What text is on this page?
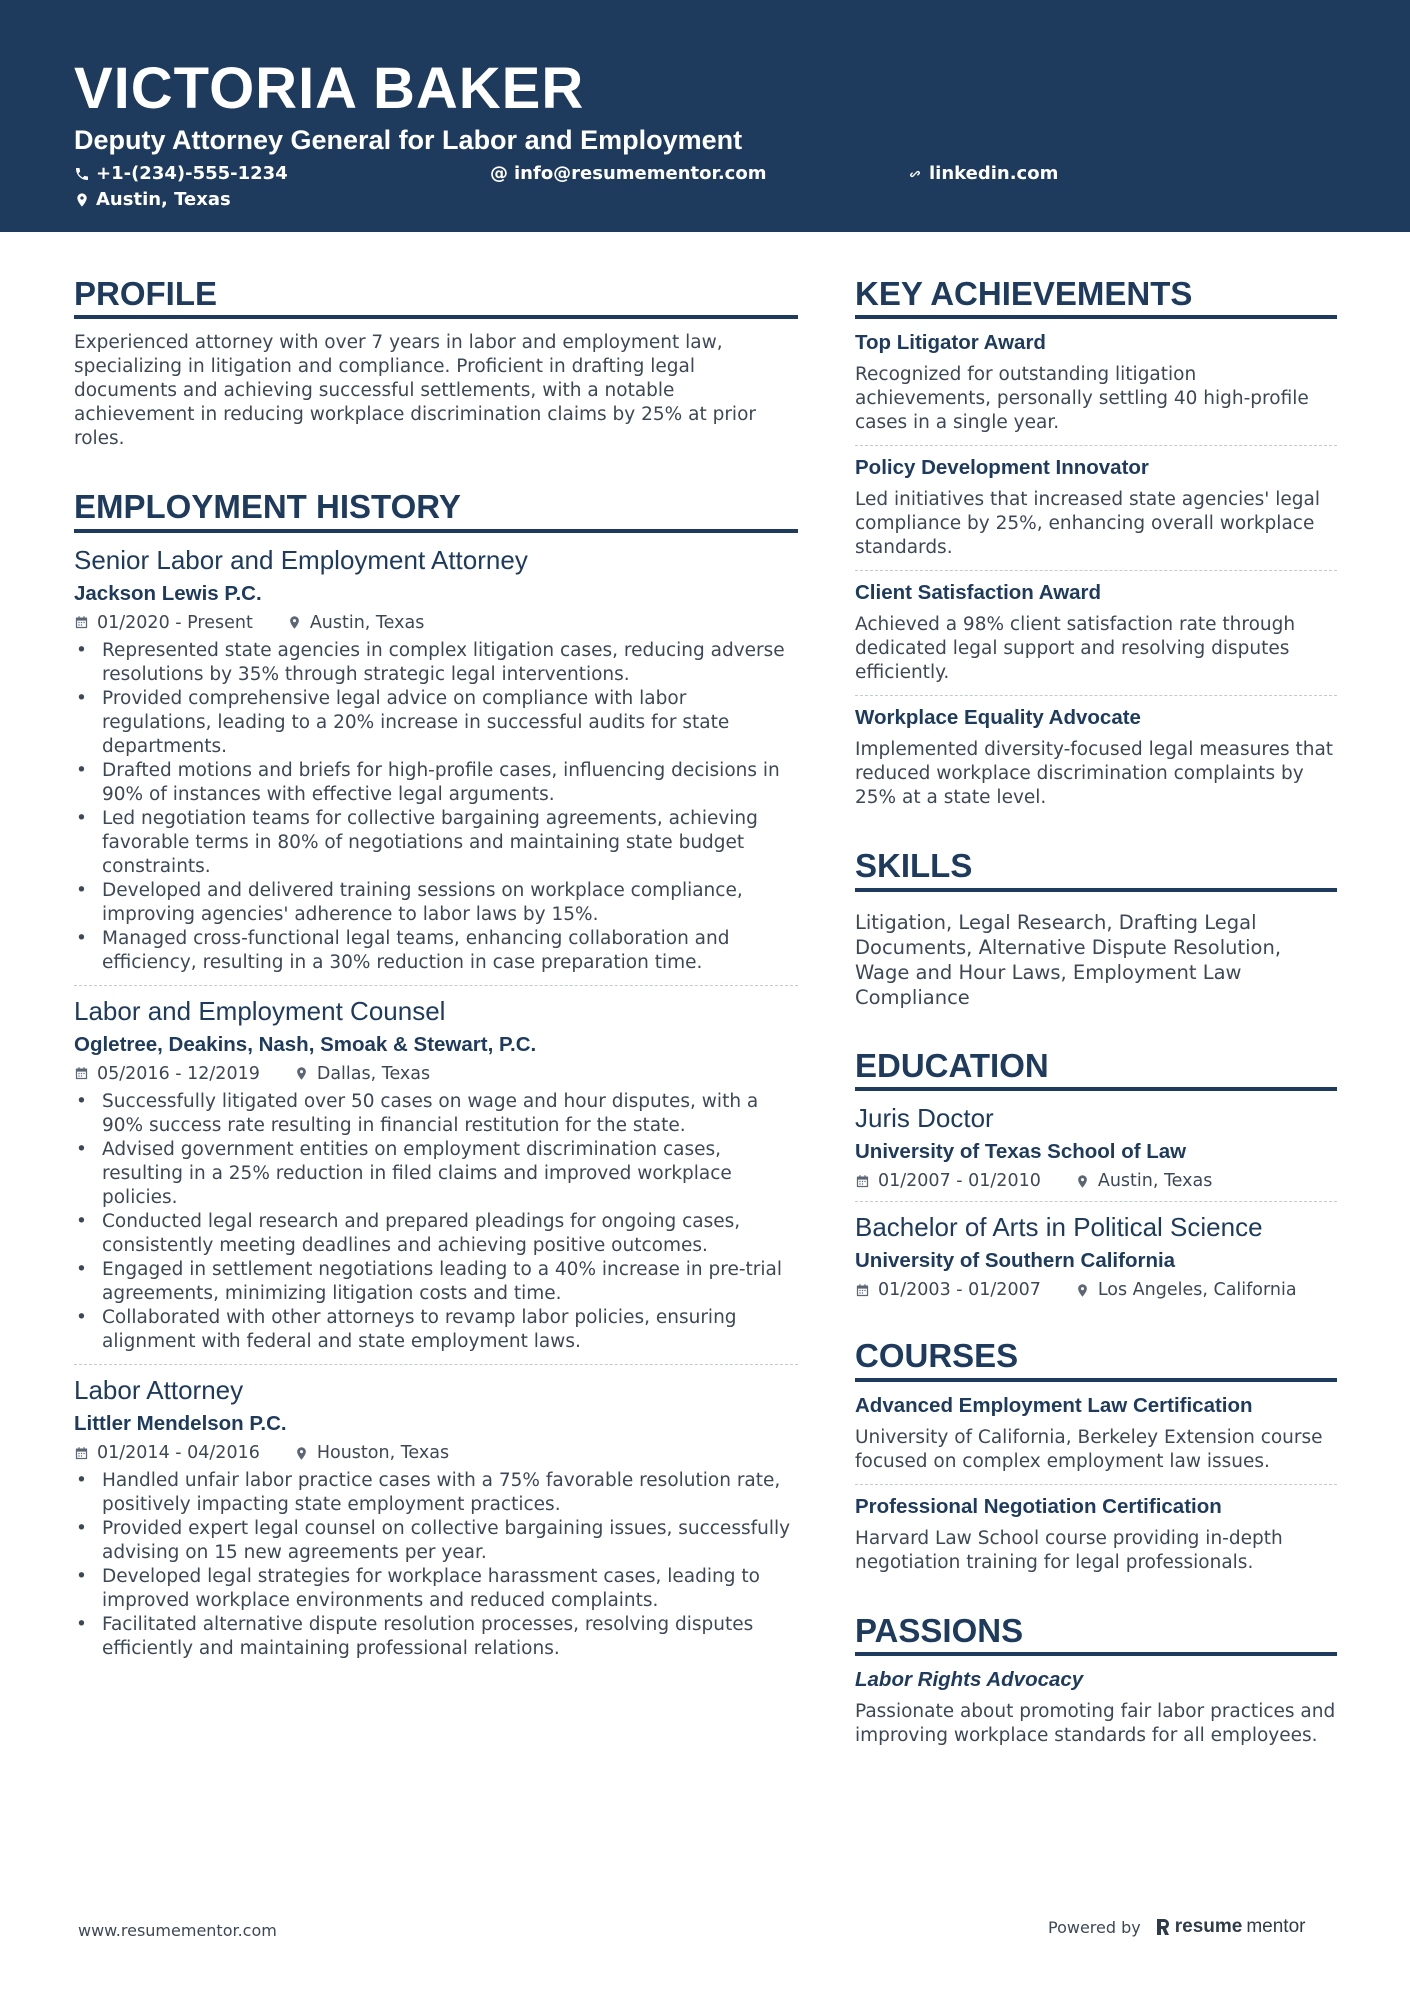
VICTORIA BAKER
Deputy Attorney General for Labor and Employment
+1-(234)-555-1234	@ info@resumementor.com	linkedin.com
Austin, Texas
PROFILE
Experienced attorney with over 7 years in labor and employment law, specializing in litigation and compliance. Proficient in drafting legal documents and achieving successful settlements, with a notable achievement in reducing workplace discrimination claims by 25% at prior roles.
EMPLOYMENT HISTORY
Senior Labor and Employment Attorney
Jackson Lewis P.C.
01/2020 - Present	Austin, Texas
• Represented state agencies in complex litigation cases, reducing adverse resolutions by 35% through strategic legal interventions.
• Provided comprehensive legal advice on compliance with labor regulations, leading to a 20% increase in successful audits for state departments.
• Drafted motions and briefs for high-profile cases, influencing decisions in 90% of instances with effective legal arguments.
• Led negotiation teams for collective bargaining agreements, achieving favorable terms in 80% of negotiations and maintaining state budget constraints.
• Developed and delivered training sessions on workplace compliance, improving agencies' adherence to labor laws by 15%.
• Managed cross-functional legal teams, enhancing collaboration and efficiency, resulting in a 30% reduction in case preparation time.
Labor and Employment Counsel
Ogletree, Deakins, Nash, Smoak & Stewart, P.C.
05/2016 - 12/2019	Dallas, Texas
• Successfully litigated over 50 cases on wage and hour disputes, with a 90% success rate resulting in financial restitution for the state.
• Advised government entities on employment discrimination cases, resulting in a 25% reduction in filed claims and improved workplace policies.
• Conducted legal research and prepared pleadings for ongoing cases, consistently meeting deadlines and achieving positive outcomes.
• Engaged in settlement negotiations leading to a 40% increase in pre-trial agreements, minimizing litigation costs and time.
• Collaborated with other attorneys to revamp labor policies, ensuring alignment with federal and state employment laws.
Labor Attorney
Littler Mendelson P.C.
01/2014 - 04/2016	Houston, Texas
• Handled unfair labor practice cases with a 75% favorable resolution rate, positively impacting state employment practices.
• Provided expert legal counsel on collective bargaining issues, successfully advising on 15 new agreements per year.
• Developed legal strategies for workplace harassment cases, leading to improved workplace environments and reduced complaints.
• Facilitated alternative dispute resolution processes, resolving disputes efficiently and maintaining professional relations.
KEY ACHIEVEMENTS
Top Litigator Award
Recognized for outstanding litigation achievements, personally settling 40 high-profile cases in a single year.
Policy Development Innovator
Led initiatives that increased state agencies' legal compliance by 25%, enhancing overall workplace standards.
Client Satisfaction Award
Achieved a 98% client satisfaction rate through dedicated legal support and resolving disputes efficiently.
Workplace Equality Advocate
Implemented diversity-focused legal measures that reduced workplace discrimination complaints by 25% at a state level.
SKILLS
Litigation, Legal Research, Drafting Legal Documents, Alternative Dispute Resolution, Wage and Hour Laws, Employment Law Compliance
EDUCATION
Juris Doctor
University of Texas School of Law
01/2007 - 01/2010	Austin, Texas
Bachelor of Arts in Political Science
University of Southern California
01/2003 - 01/2007	Los Angeles, California
COURSES
Advanced Employment Law Certification
University of California, Berkeley Extension course focused on complex employment law issues.
Professional Negotiation Certification
Harvard Law School course providing in-depth negotiation training for legal professionals.
PASSIONS
Labor Rights Advocacy
Passionate about promoting fair labor practices and improving workplace standards for all employees.
www.resumementor.com	Powered by resume mentor
